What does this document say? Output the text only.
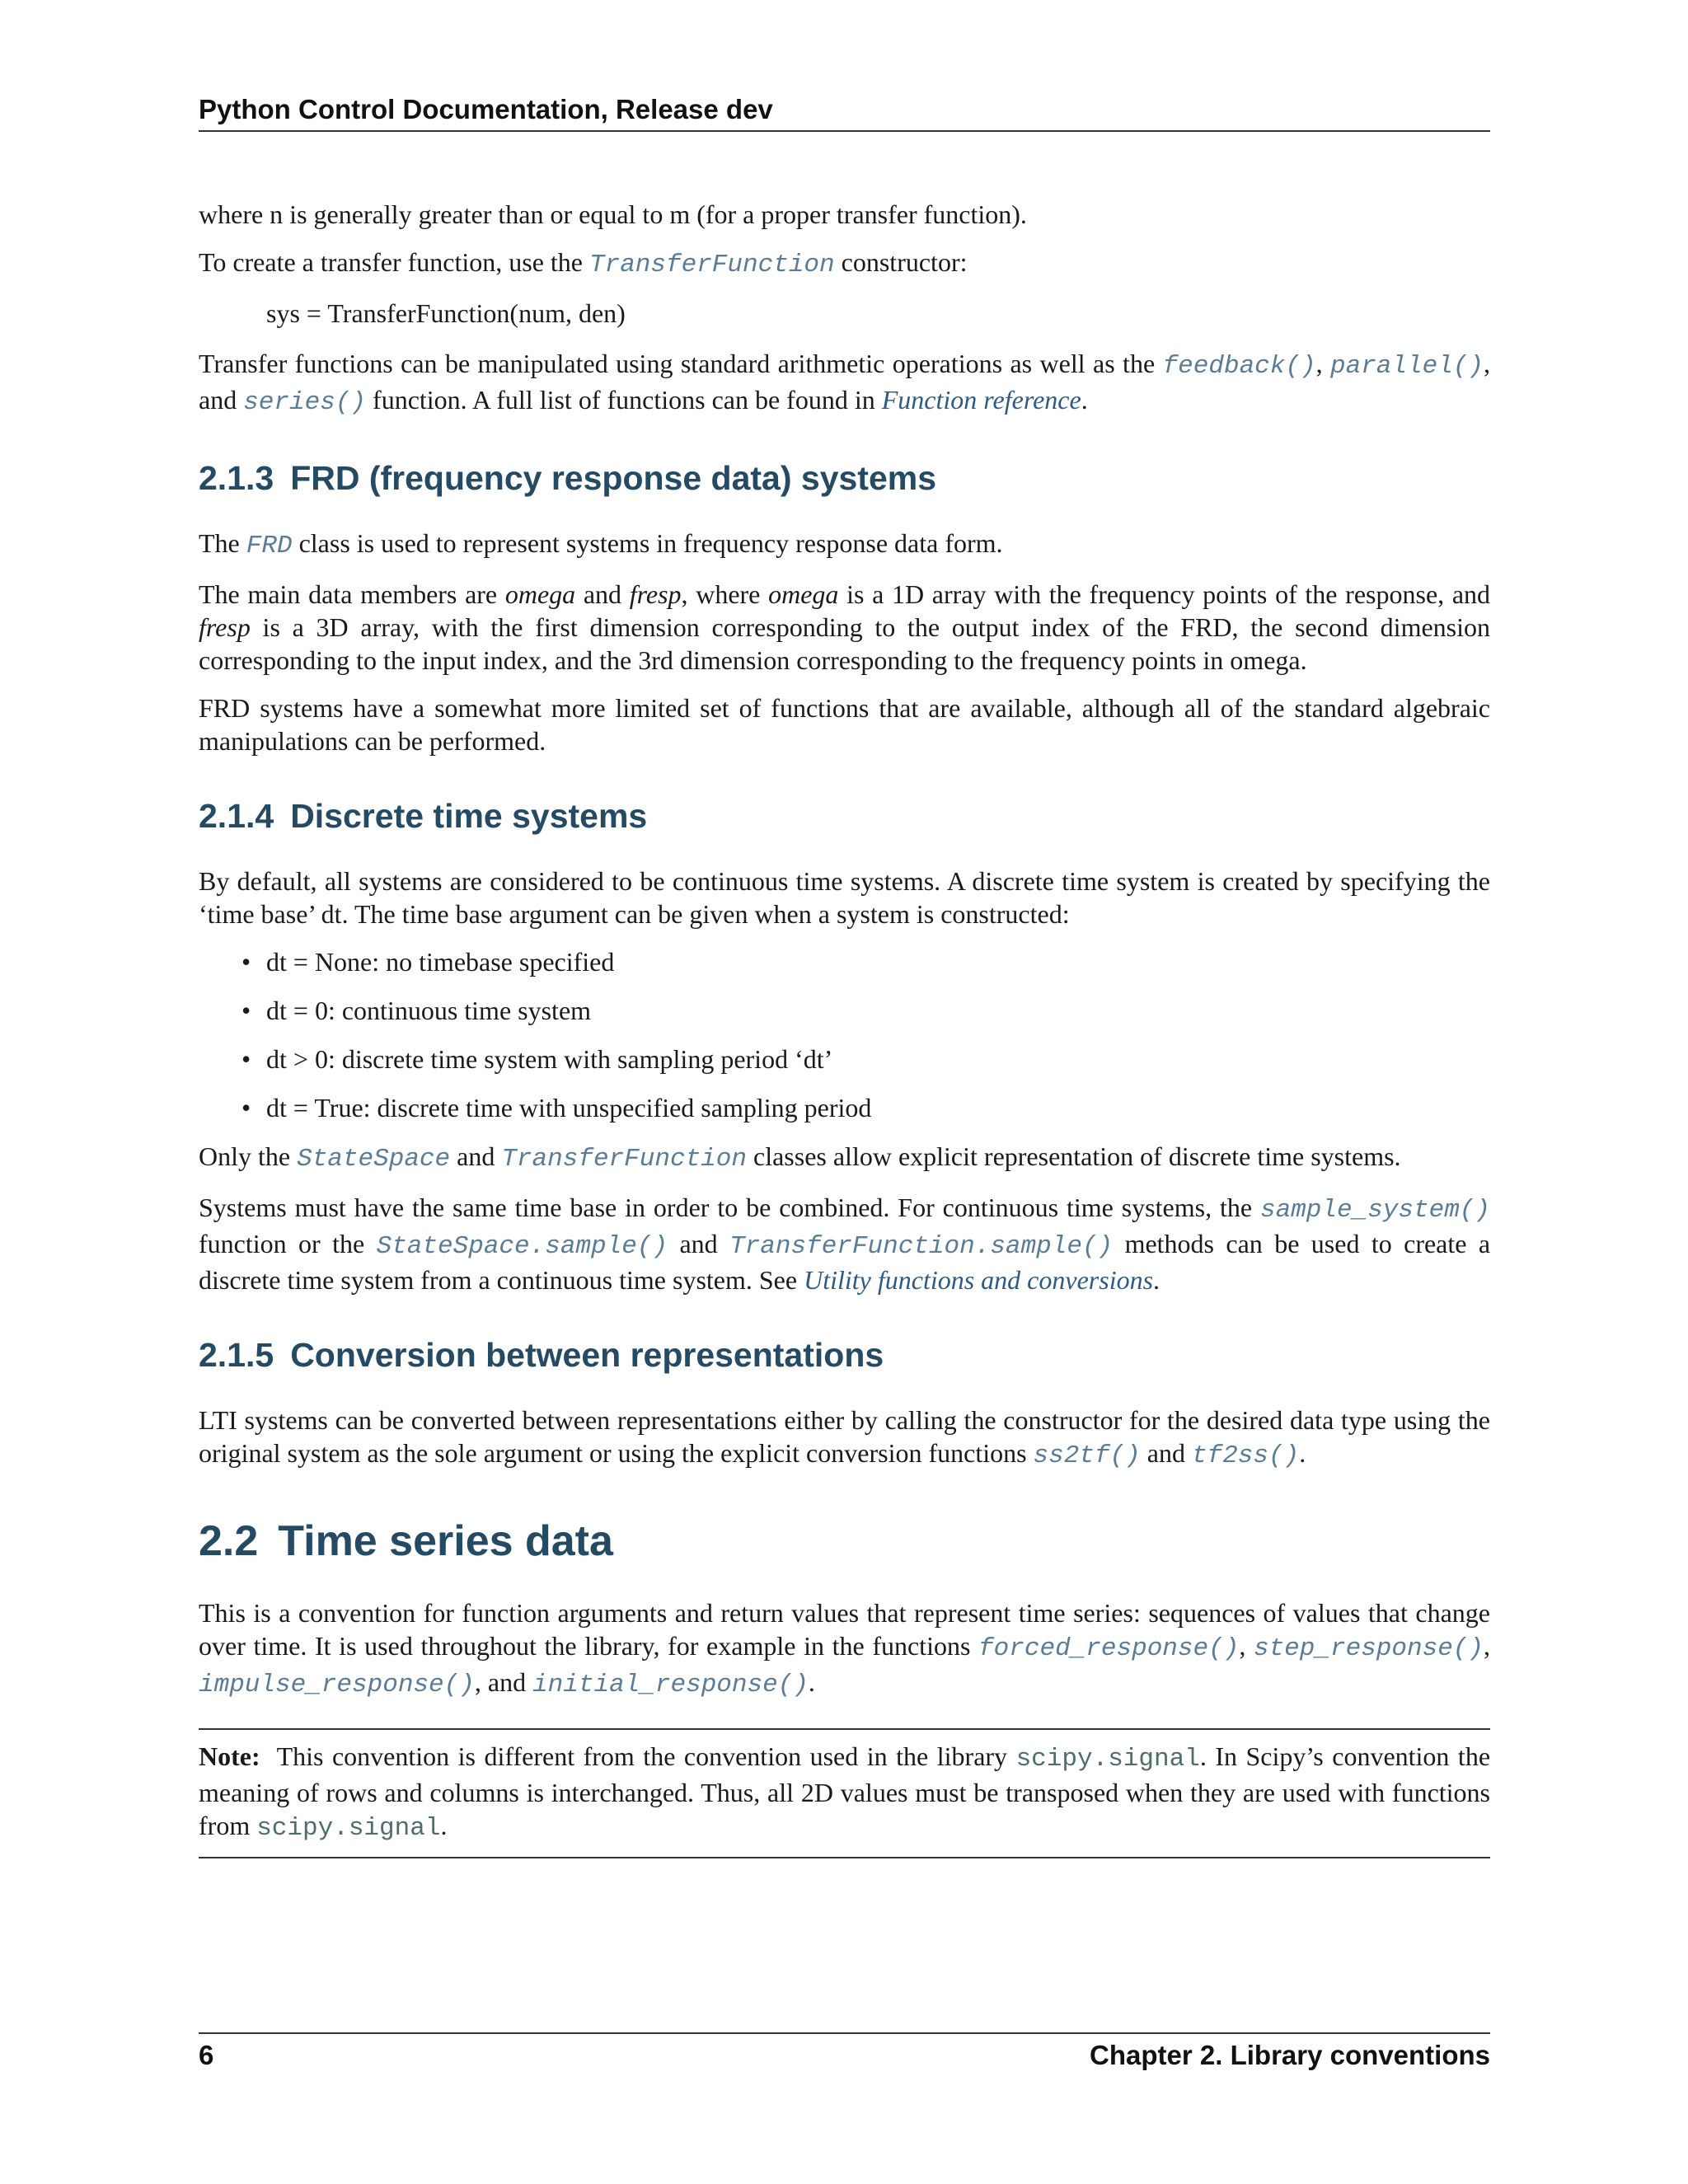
Python Control Documentation, Release dev

where n is generally greater than or equal to m (for a proper transfer function).

To create a transfer function, use the TransferFunction constructor:

sys = TransferFunction(num, den)

Transfer functions can be manipulated using standard arithmetic operations as well as the feedback(), parallel(), and series() function. A full list of functions can be found in Function reference.

2.1.3 FRD (frequency response data) systems

The FRD class is used to represent systems in frequency response data form.

The main data members are omega and fresp, where omega is a 1D array with the frequency points of the response, and fresp is a 3D array, with the first dimension corresponding to the output index of the FRD, the second dimension corresponding to the input index, and the 3rd dimension corresponding to the frequency points in omega.

FRD systems have a somewhat more limited set of functions that are available, although all of the standard algebraic manipulations can be performed.

2.1.4 Discrete time systems

By default, all systems are considered to be continuous time systems. A discrete time system is created by specifying the ‘time base’ dt. The time base argument can be given when a system is constructed:

• dt = None: no timebase specified
• dt = 0: continuous time system
• dt > 0: discrete time system with sampling period ‘dt’
• dt = True: discrete time with unspecified sampling period

Only the StateSpace and TransferFunction classes allow explicit representation of discrete time systems.

Systems must have the same time base in order to be combined. For continuous time systems, the sample_system() function or the StateSpace.sample() and TransferFunction.sample() methods can be used to create a discrete time system from a continuous time system. See Utility functions and conversions.

2.1.5 Conversion between representations

LTI systems can be converted between representations either by calling the constructor for the desired data type using the original system as the sole argument or using the explicit conversion functions ss2tf() and tf2ss().

2.2 Time series data

This is a convention for function arguments and return values that represent time series: sequences of values that change over time. It is used throughout the library, for example in the functions forced_response(), step_response(), impulse_response(), and initial_response().

Note: This convention is different from the convention used in the library scipy.signal. In Scipy’s convention the meaning of rows and columns is interchanged. Thus, all 2D values must be transposed when they are used with functions from scipy.signal.

6	Chapter 2. Library conventions
